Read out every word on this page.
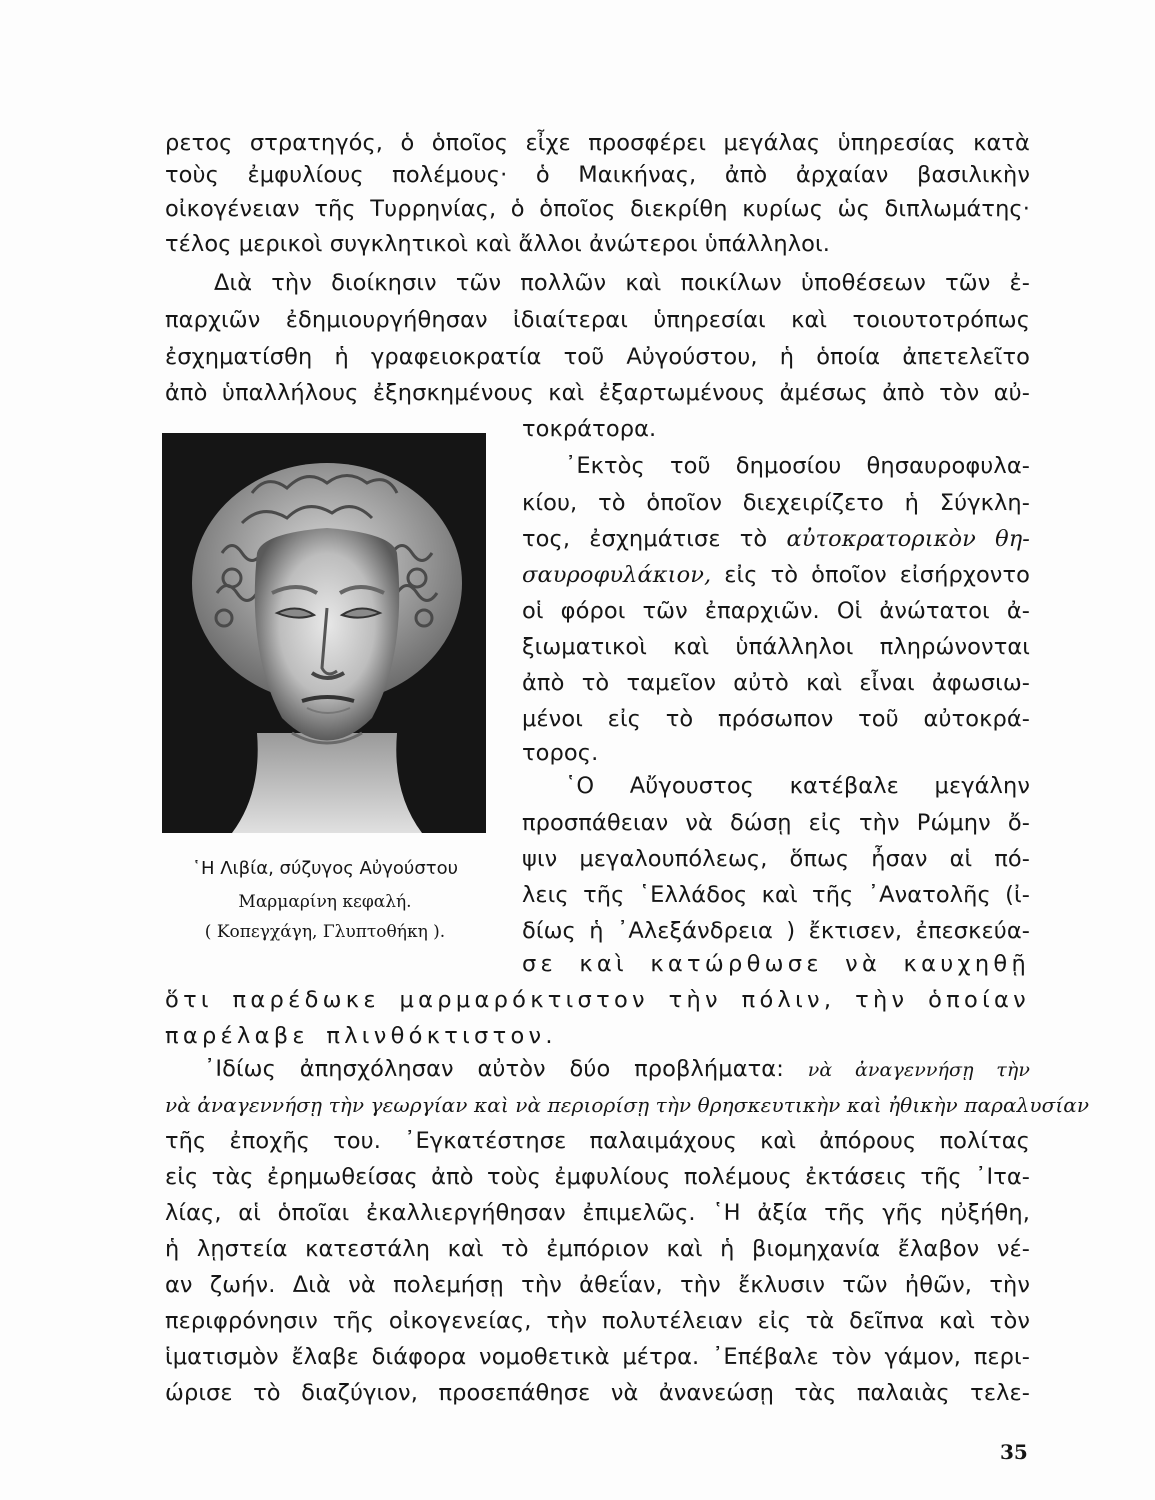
ρετος στρατηγός, ὁ ὁποῖος εἶχε προσφέρει μεγάλας ὑπηρεσίας κατὰ
τοὺς ἐμφυλίους πολέμους· ὁ Μαικήνας, ἀπὸ ἀρχαίαν βασιλικὴν
οἰκογένειαν τῆς Τυρρηνίας, ὁ ὁποῖος διεκρίθη κυρίως ὡς διπλωμάτης·
τέλος μερικοὶ συγκλητικοὶ καὶ ἄλλοι ἀνώτεροι ὑπάλληλοι.
Διὰ τὴν διοίκησιν τῶν πολλῶν καὶ ποικίλων ὑποθέσεων τῶν ἐ-
παρχιῶν ἐδημιουργήθησαν ἰδιαίτεραι ὑπηρεσίαι καὶ τοιουτοτρόπως
ἐσχηματίσθη ἡ γραφειοκρατία τοῦ Αὐγούστου, ἡ ὁποία ἀπετελεῖτο
ἀπὸ ὑπαλλήλους ἐξησκημένους καὶ ἐξαρτωμένους ἀμέσως ἀπὸ τὸν αὐ-
τοκράτορα.
᾿Εκτὸς τοῦ δημοσίου θησαυροφυλα-
κίου, τὸ ὁποῖον διεχειρίζετο ἡ Σύγκλη-
τος, ἐσχημάτισε τὸ αὐτοκρατορικὸν θη-
σαυροφυλάκιον, εἰς τὸ ὁποῖον εἰσήρχοντο
οἱ φόροι τῶν ἐπαρχιῶν. Οἱ ἀνώτατοι ἀ-
ξιωματικοὶ καὶ ὑπάλληλοι πληρώνονται
ἀπὸ τὸ ταμεῖον αὐτὸ καὶ εἶναι ἀφωσιω-
μένοι εἰς τὸ πρόσωπον τοῦ αὐτοκρά-
τορος.
῾Ο Αὔγουστος κατέβαλε μεγάλην
προσπάθειαν νὰ δώσῃ εἰς τὴν Ρώμην ὄ-
ψιν μεγαλουπόλεως, ὅπως ἦσαν αἱ πό-
λεις τῆς ῾Ελλάδος καὶ τῆς ᾿Ανατολῆς (ἰ-
δίως ἡ ᾿Αλεξάνδρεια ) ἔκτισεν, ἐπεσκεύα-
σε καὶ κατώρθωσε νὰ καυχηθῇ ὅτι παρέδωκε μαρμαρόκτιστον τὴν πόλιν, τὴν ὁποίαν παρέλαβε πλινθόκτιστον.
᾿Ιδίως ἀπησχόλησαν αὐτὸν δύο προβλήματα: νὰ ἀναγεννήσῃ τὴν
νὰ ἀναγεννήσῃ τὴν γεωργίαν καὶ νὰ περιορίσῃ τὴν θρησκευτικὴν καὶ ἠθικὴν παραλυσίαν
τῆς ἐποχῆς του. ᾿Εγκατέστησε παλαιμάχους καὶ ἀπόρους πολίτας
εἰς τὰς ἐρημωθείσας ἀπὸ τοὺς ἐμφυλίους πολέμους ἐκτάσεις τῆς ᾿Ιτα-
λίας, αἱ ὁποῖαι ἐκαλλιεργήθησαν ἐπιμελῶς. ῾Η ἀξία τῆς γῆς ηὐξήθη,
ἡ λῃστεία κατεστάλη καὶ τὸ ἐμπόριον καὶ ἡ βιομηχανία ἔλαβον νέ-
αν ζωήν. Διὰ νὰ πολεμήσῃ τὴν ἀθεΐαν, τὴν ἔκλυσιν τῶν ἠθῶν, τὴν
περιφρόνησιν τῆς οἰκογενείας, τὴν πολυτέλειαν εἰς τὰ δεῖπνα καὶ τὸν
ἱματισμὸν ἔλαβε διάφορα νομοθετικὰ μέτρα. ᾿Επέβαλε τὸν γάμον, περι-
ώρισε τὸ διαζύγιον, προσεπάθησε νὰ ἀνανεώσῃ τὰς παλαιὰς τελε-
῾Η Λιβία, σύζυγος Αὐγούστου
Μαρμαρίνη κεφαλή.
( Κοπεγχάγη, Γλυπτοθήκη ).
35
